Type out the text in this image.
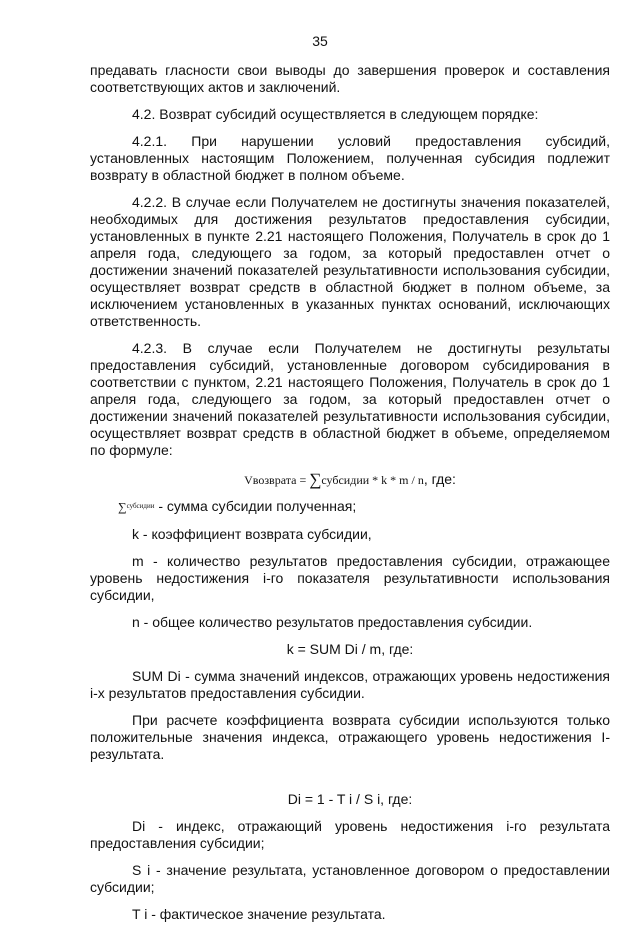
35

предавать гласности свои выводы до завершения проверок и составления соответствующих актов и заключений.

4.2. Возврат субсидий осуществляется в следующем порядке:

4.2.1. При нарушении условий предоставления субсидий, установленных настоящим Положением, полученная субсидия подлежит возврату в областной бюджет в полном объеме.

4.2.2. В случае если Получателем не достигнуты значения показателей, необходимых для достижения результатов предоставления субсидии, установленных в пункте 2.21 настоящего Положения, Получатель в срок до 1 апреля года, следующего за годом, за который предоставлен отчет о достижении значений показателей результативности использования субсидии, осуществляет возврат средств в областной бюджет в полном объеме, за исключением установленных в указанных пунктах оснований, исключающих ответственность.

4.2.3. В случае если Получателем не достигнуты результаты предоставления субсидий, установленные договором субсидирования в соответствии с пунктом, 2.21 настоящего Положения, Получатель в срок до 1 апреля года, следующего за годом, за который предоставлен отчет о достижении значений показателей результативности использования субсидии, осуществляет возврат средств в областной бюджет в объеме, определяемом по формуле:

Vвозврата = ∑субсидии * k * m / n, где:

∑$^{субсидии}$ - сумма субсидии полученная;

k - коэффициент возврата субсидии,

m - количество результатов предоставления субсидии, отражающее уровень недостижения i-го показателя результативности использования субсидии,

n - общее количество результатов предоставления субсидии.

k = SUM Di / m, где:

SUM Di - сумма значений индексов, отражающих уровень недостижения i-х результатов предоставления субсидии.

При расчете коэффициента возврата субсидии используются только положительные значения индекса, отражающего уровень недостижения I-результата.

Di = 1 - T i / S i, где:

Di - индекс, отражающий уровень недостижения i-го результата предоставления субсидии;

S i - значение результата, установленное договором о предоставлении субсидии;

T i - фактическое значение результата.
